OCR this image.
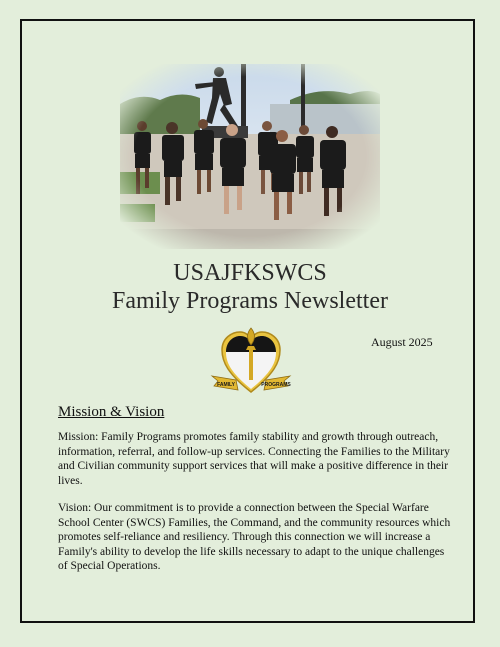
USAJFKSWCS
Family Programs Newsletter
August 2025
FAMILY	PROGRAMS
Mission & Vision

Mission: Family Programs promotes family stability and growth through outreach, information, referral, and follow-up services. Connecting the Families to the Military and Civilian community support services that will make a positive difference in their lives.

Vision: Our commitment is to provide a connection between the Special Warfare School Center (SWCS) Families, the Command, and the community resources which promotes self-reliance and resiliency. Through this connection we will increase a Family's ability to develop the life skills necessary to adapt to the unique challenges of Special Operations.
